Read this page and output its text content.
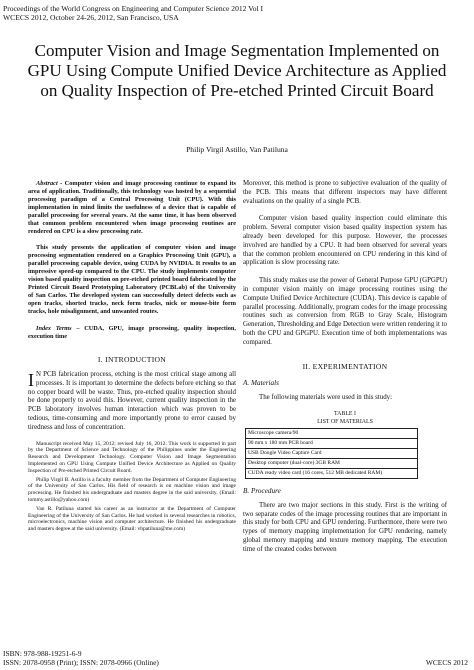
Proceedings of the World Congress on Engineering and Computer Science 2012 Vol I
WCECS 2012, October 24-26, 2012, San Francisco, USA
Computer Vision and Image Segmentation Implemented on GPU Using Compute Unified Device Architecture as Applied on Quality Inspection of Pre-etched Printed Circuit Board
Philip Virgil Astillo, Van Patiluna

Abstract - Computer vision and image processing continue to expand its area of application. Traditionally, this technology was hosted by a sequential processing paradigm of a Central Processing Unit (CPU). With this implementation in mind limits the usefulness of a device that is capable of parallel processing for several years. At the same time, it has been observed that common problem encountered when image processing routines are rendered on CPU is a slow processing rate.

This study presents the application of computer vision and image processing segmentation rendered on a Graphics Processing Unit (GPU), a parallel processing capable device, using CUDA by NVIDIA. It results to an impressive speed-up compared to the CPU. The study implements computer vision based quality inspection on pre-etched printed board fabricated by the Printed Circuit Board Prototyping Laboratory (PCBLab) of the University of San Carlos. The developed system can successfully detect defects such as open tracks, shorted tracks, neck form tracks, nick or mouse-bite form tracks, hole misalignment, and unwanted routes.

Index Terms – CUDA, GPU, image processing, quality inspection, execution time

I. INTRODUCTION

I N PCB fabrication process, etching is the most critical stage among all processes. It is important to determine the defects before etching so that no copper board will be waste. Thus, pre-etched quality inspection should be done properly to avoid this. However, current quality inspection in the PCB laboratory involves human interaction which was proven to be tedious, time-consuming and more importantly prone to error caused by tiredness and loss of concentration.

Manuscript received May 15, 2012; revised July 16, 2012. This work is supported in part by the Department of Science and Technology of the Philippines under the Engineering Research and Development Technology. Computer Vision and Image Segmentation Implemented on GPU Using Compute Unified Device Architecture as Applied on Quality Inspection of Pre-etched Printed Circuit Board.

Philip Virgil B. Astillo is a faculty member from the Department of Computer Engineering of the University of San Carlos. His field of research is on machine vision and image processing. He finished his undergraduate and masters degree in the said university. (Email: tommy.astillo@yahoo.com)

Van R. Patiluna started his career as an instructor at the Department of Computer Engineering of the University of San Carlos. He had worked in several researches in robotics, microelectronics, machine vision and computer architecture. He finished his undergraduate and masters degree at the said university. (Email: vbpatiluna@me.com)

Moreover, this method is prone to subjective evaluation of the quality of the PCB. This means that different inspectors may have different evaluations on the quality of a single PCB.

Computer vision based quality inspection could eliminate this problem. Several computer vision based quality inspection system has already been developed for this purpose. However, the processes involved are handled by a CPU. It had been observed for several years that the common problem encountered on CPU rendering in this kind of application is slow processing rate.

This study makes use the power of General Purpose GPU (GPGPU) in computer vision mainly on image processing routines using the Compute Unified Device Architecture (CUDA). This device is capable of parallel processing. Additionally, program codes for the image processing routines such as conversion from RGB to Gray Scale, Histogram Generation, Thresholding and Edge Detection were written rendering it to both the CPU and GPGPU. Execution time of both implementations was compared.

II. EXPERIMENTATION
A. Materials

The following materials were used in this study:

TABLE I
LIST OF MATERIALS
Microscope camera/90
90 mm x 180 mm PCB board
USB Dongle Video Capture Card
Desktop computer (dual-core) 3GB RAM
CUDA ready video card (16 cores, 512 MB dedicated RAM)
B. Procedure

There are two major sections in this study. First is the writing of two separate codes of the image processing routines that are important in this study for both CPU and GPU rendering. Furthermore, there were two types of memory mapping implementation for GPU rendering, namely global memory mapping and texture memory mapping. The execution time of the created codes between

ISBN: 978-988-19251-6-9
ISSN: 2078-0958 (Print); ISSN: 2078-0966 (Online)	WCECS 2012
